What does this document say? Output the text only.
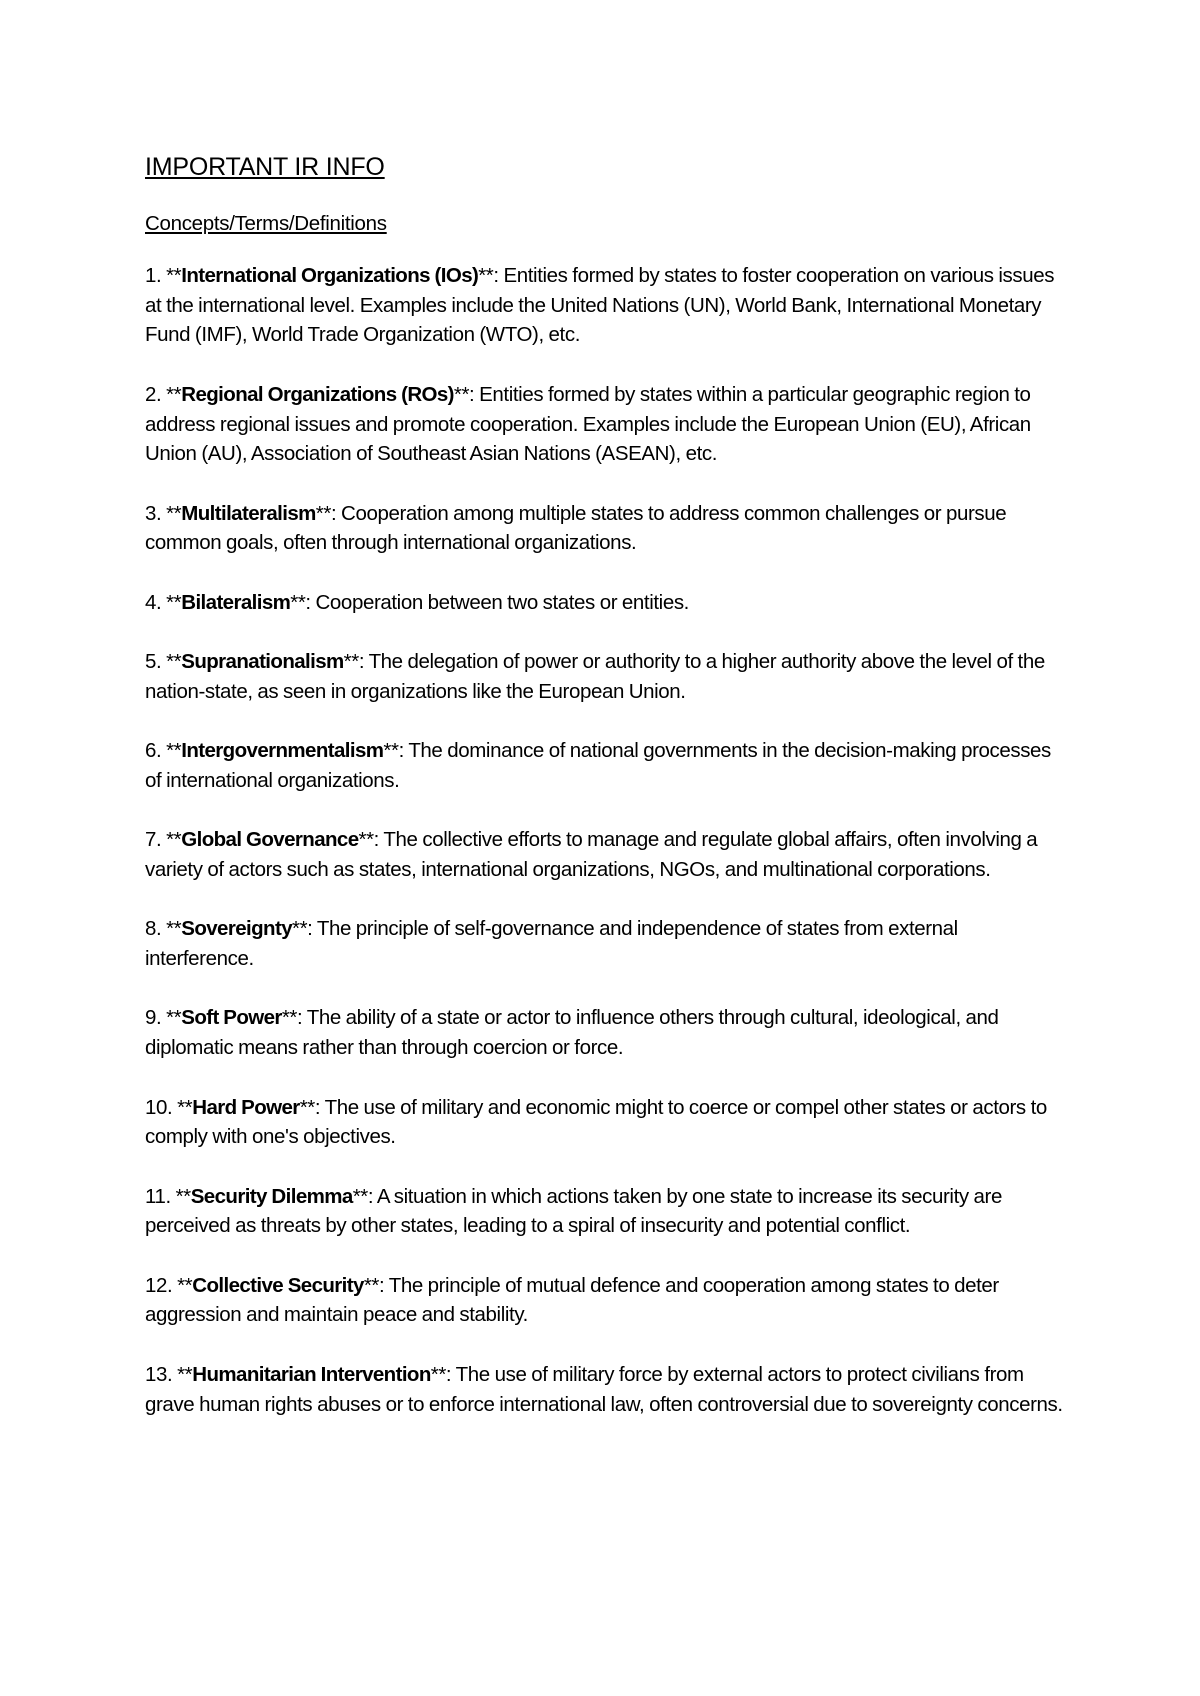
IMPORTANT IR INFO
Concepts/Terms/Definitions
1. **International Organizations (IOs)**: Entities formed by states to foster cooperation on various issues at the international level. Examples include the United Nations (UN), World Bank, International Monetary Fund (IMF), World Trade Organization (WTO), etc.
2. **Regional Organizations (ROs)**: Entities formed by states within a particular geographic region to address regional issues and promote cooperation. Examples include the European Union (EU), African Union (AU), Association of Southeast Asian Nations (ASEAN), etc.
3. **Multilateralism**: Cooperation among multiple states to address common challenges or pursue common goals, often through international organizations.
4. **Bilateralism**: Cooperation between two states or entities.
5. **Supranationalism**: The delegation of power or authority to a higher authority above the level of the nation-state, as seen in organizations like the European Union.
6. **Intergovernmentalism**: The dominance of national governments in the decision-making processes of international organizations.
7. **Global Governance**: The collective efforts to manage and regulate global affairs, often involving a variety of actors such as states, international organizations, NGOs, and multinational corporations.
8. **Sovereignty**: The principle of self-governance and independence of states from external interference.
9. **Soft Power**: The ability of a state or actor to influence others through cultural, ideological, and diplomatic means rather than through coercion or force.
10. **Hard Power**: The use of military and economic might to coerce or compel other states or actors to comply with one's objectives.
11. **Security Dilemma**: A situation in which actions taken by one state to increase its security are perceived as threats by other states, leading to a spiral of insecurity and potential conflict.
12. **Collective Security**: The principle of mutual defence and cooperation among states to deter aggression and maintain peace and stability.
13. **Humanitarian Intervention**: The use of military force by external actors to protect civilians from grave human rights abuses or to enforce international law, often controversial due to sovereignty concerns.
